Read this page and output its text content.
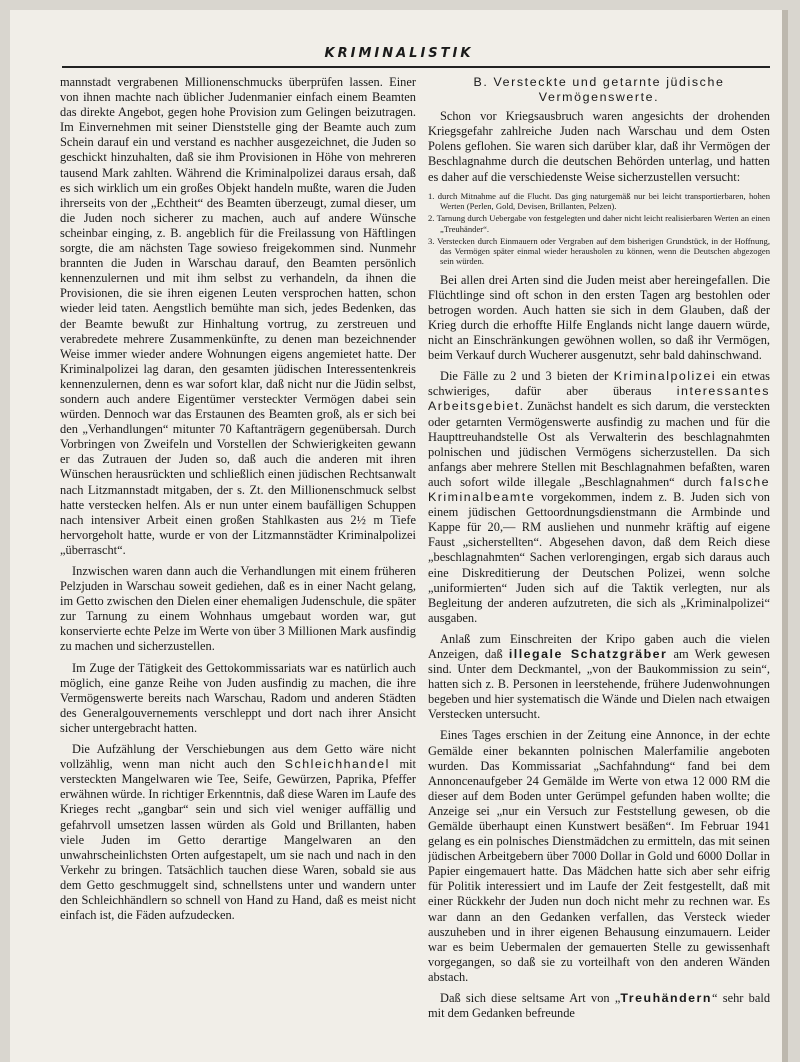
KRIMINALISTIK

mannstadt vergrabenen Millionenschmucks überprüfen lassen. Einer von ihnen machte nach üblicher Judenmanier einfach einem Beamten das direkte Angebot, gegen hohe Provision zum Gelingen beizutragen. Im Einvernehmen mit seiner Dienststelle ging der Beamte auch zum Schein darauf ein und verstand es nachher ausgezeichnet, die Juden so geschickt hinzuhalten, daß sie ihm Provisionen in Höhe von mehreren tausend Mark zahlten. Während die Kriminalpolizei daraus ersah, daß es sich wirklich um ein großes Objekt handeln mußte, waren die Juden ihrerseits von der „Echtheit“ des Beamten überzeugt, zumal dieser, um die Juden noch sicherer zu machen, auch auf andere Wünsche scheinbar einging, z. B. angeblich für die Freilassung von Häftlingen sorgte, die am nächsten Tage sowieso freigekommen sind. Nunmehr brannten die Juden in Warschau darauf, den Beamten persönlich kennenzulernen und mit ihm selbst zu verhandeln, da ihnen die Provisionen, die sie ihren eigenen Leuten versprochen hatten, schon wieder leid taten. Aengstlich bemühte man sich, jedes Bedenken, das der Beamte bewußt zur Hinhaltung vortrug, zu zerstreuen und verabredete mehrere Zusammenkünfte, zu denen man bezeichnender Weise immer wieder andere Wohnungen eigens angemietet hatte. Der Kriminalpolizei lag daran, den gesamten jüdischen Interessentenkreis kennenzulernen, denn es war sofort klar, daß nicht nur die Jüdin selbst, sondern auch andere Eigentümer versteckter Vermögen dabei sein würden. Dennoch war das Erstaunen des Beamten groß, als er sich bei den „Verhandlungen“ mitunter 70 Kaftanträgern gegenübersah. Durch Vorbringen von Zweifeln und Vorstellen der Schwierigkeiten gewann er das Zutrauen der Juden so, daß auch die anderen mit ihren Wünschen herausrückten und schließlich einen jüdischen Rechtsanwalt nach Litzmannstadt mitgaben, der s. Zt. den Millionenschmuck selbst hatte verstecken helfen. Als er nun unter einem baufälligen Schuppen nach intensiver Arbeit einen großen Stahlkasten aus 2½ m Tiefe hervorgeholt hatte, wurde er von der Litzmannstädter Kriminalpolizei „überrascht“.

Inzwischen waren dann auch die Verhandlungen mit einem früheren Pelzjuden in Warschau soweit gediehen, daß es in einer Nacht gelang, im Getto zwischen den Dielen einer ehemaligen Judenschule, die später zur Tarnung zu einem Wohnhaus umgebaut worden war, gut konservierte echte Pelze im Werte von über 3 Millionen Mark ausfindig zu machen und sicherzustellen.

Im Zuge der Tätigkeit des Gettokommissariats war es natürlich auch möglich, eine ganze Reihe von Juden ausfindig zu machen, die ihre Vermögenswerte bereits nach Warschau, Radom und anderen Städten des Generalgouvernements verschleppt und dort nach ihrer Ansicht sicher untergebracht hatten.

Die Aufzählung der Verschiebungen aus dem Getto wäre nicht vollzählig, wenn man nicht auch den Schleichhandel mit versteckten Mangelwaren wie Tee, Seife, Gewürzen, Paprika, Pfeffer erwähnen würde. In richtiger Erkenntnis, daß diese Waren im Laufe des Krieges recht „gangbar“ sein und sich viel weniger auffällig und gefahrvoll umsetzen lassen würden als Gold und Brillanten, haben viele Juden im Getto derartige Mangelwaren an den unwahrscheinlichsten Orten aufgestapelt, um sie nach und nach in den Verkehr zu bringen. Tatsächlich tauchen diese Waren, sobald sie aus dem Getto geschmuggelt sind, schnellstens unter und wandern unter den Schleichhändlern so schnell von Hand zu Hand, daß es meist nicht einfach ist, die Fäden aufzudecken.

B. Versteckte und getarnte jüdische
Vermögenswerte.

Schon vor Kriegsausbruch waren angesichts der drohenden Kriegsgefahr zahlreiche Juden nach Warschau und dem Osten Polens geflohen. Sie waren sich darüber klar, daß ihr Vermögen der Beschlagnahme durch die deutschen Behörden unterlag, und hatten es daher auf die verschiedenste Weise sicherzustellen versucht:

1. durch Mitnahme auf die Flucht. Das ging naturgemäß nur bei leicht transportierbaren, hohen Werten (Perlen, Gold, Devisen, Brillanten, Pelzen).
2. Tarnung durch Uebergabe von festgelegten und daher nicht leicht realisierbaren Werten an einen „Treuhänder“.
3. Verstecken durch Einmauern oder Vergraben auf dem bisherigen Grundstück, in der Hoffnung, das Vermögen später einmal wieder herausholen zu können, wenn die Deutschen abgezogen sein würden.

Bei allen drei Arten sind die Juden meist aber hereingefallen. Die Flüchtlinge sind oft schon in den ersten Tagen arg bestohlen oder betrogen worden. Auch hatten sie sich in dem Glauben, daß der Krieg durch die erhoffte Hilfe Englands nicht lange dauern würde, nicht an Einschränkungen gewöhnen wollen, so daß ihr Vermögen, beim Verkauf durch Wucherer ausgenutzt, sehr bald dahinschwand.

Die Fälle zu 2 und 3 bieten der Kriminalpolizei ein etwas schwieriges, dafür aber überaus interessantes Arbeitsgebiet. Zunächst handelt es sich darum, die versteckten oder getarnten Vermögenswerte ausfindig zu machen und für die Haupttreuhandstelle Ost als Verwalterin des beschlagnahmten polnischen und jüdischen Vermögens sicherzustellen. Da sich anfangs aber mehrere Stellen mit Beschlagnahmen befaßten, waren auch sofort wilde illegale „Beschlagnahmen“ durch falsche Kriminalbeamte vorgekommen, indem z. B. Juden sich von einem jüdischen Gettoordnungsdienstmann die Armbinde und Kappe für 20,— RM ausliehen und nunmehr kräftig auf eigene Faust „sicherstellten“. Abgesehen davon, daß dem Reich diese „beschlagnahmten“ Sachen verlorengingen, ergab sich daraus auch eine Diskreditierung der Deutschen Polizei, wenn solche „uniformierten“ Juden sich auf die Taktik verlegten, nur als Begleitung der anderen aufzutreten, die sich als „Kriminalpolizei“ ausgaben.

Anlaß zum Einschreiten der Kripo gaben auch die vielen Anzeigen, daß illegale Schatzgräber am Werk gewesen sind. Unter dem Deckmantel, „von der Baukommission zu sein“, hatten sich z. B. Personen in leerstehende, frühere Judenwohnungen begeben und hier systematisch die Wände und Dielen nach etwaigen Verstecken untersucht.

Eines Tages erschien in der Zeitung eine Annonce, in der echte Gemälde einer bekannten polnischen Malerfamilie angeboten wurden. Das Kommissariat „Sachfahndung“ fand bei dem Annoncenaufgeber 24 Gemälde im Werte von etwa 12 000 RM die dieser auf dem Boden unter Gerümpel gefunden haben wollte; die Anzeige sei „nur ein Versuch zur Feststellung gewesen, ob die Gemälde überhaupt einen Kunstwert besäßen“. Im Februar 1941 gelang es ein polnisches Dienstmädchen zu ermitteln, das mit seinen jüdischen Arbeitgebern über 7000 Dollar in Gold und 6000 Dollar in Papier eingemauert hatte. Das Mädchen hatte sich aber sehr eifrig für Politik interessiert und im Laufe der Zeit festgestellt, daß mit einer Rückkehr der Juden nun doch nicht mehr zu rechnen war. Es war dann an den Gedanken verfallen, das Versteck wieder auszuheben und in ihrer eigenen Behausung einzumauern. Leider war es beim Uebermalen der gemauerten Stelle zu gewissenhaft vorgegangen, so daß sie zu vorteilhaft von den anderen Wänden abstach.

Daß sich diese seltsame Art von „Treuhändern“ sehr bald mit dem Gedanken befreunde
